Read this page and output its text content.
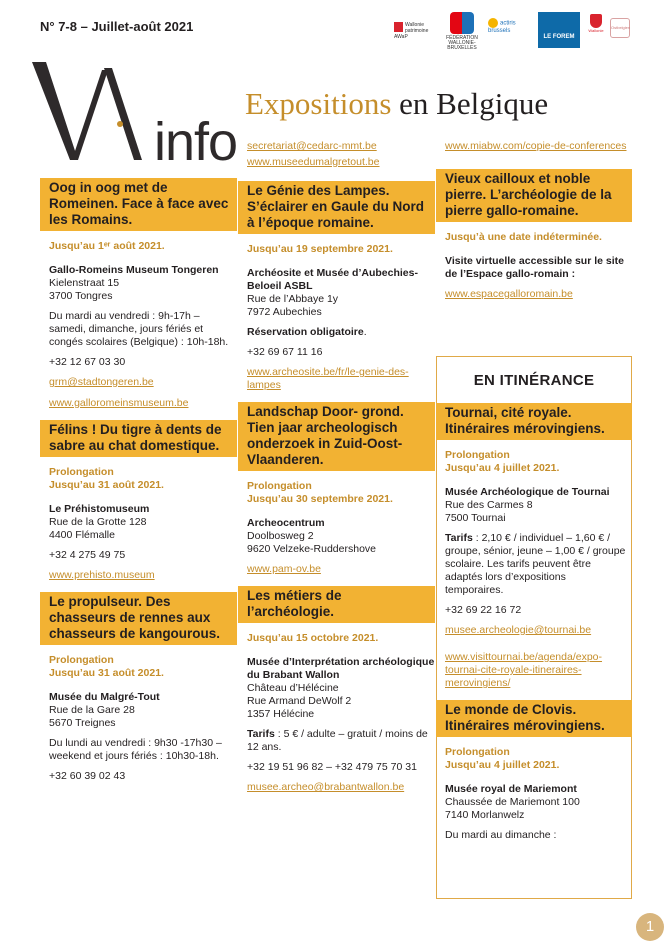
N° 7-8 – Juillet-août 2021	Wallonie patrimoine AWaP	FÉDÉRATION WALLONIE-BRUXELLES
actiris brussels
LE FOREM
Wallonie
Ostbelgien
info
Expositions en Belgique
Oog in oog met de Romeinen. Face à face avec les Romains.
Jusqu’au 1ᵉʳ août 2021.

Gallo-Romeins Museum Tongeren
Kielenstraat 15
3700 Tongres

Du mardi au vendredi : 9h-17h – samedi, dimanche, jours fériés et congés scolaires (Belgique) : 10h-18h.

+32 12 67 03 30

grm@stadtongeren.be
www.galloromeinsmuseum.be
Félins ! Du tigre à dents de sabre au chat domestique.
Prolongation
Jusqu’au 31 août 2021.

Le Préhistomuseum
Rue de la Grotte 128
4400 Flémalle

+32 4 275 49 75

www.prehisto.museum
Le propulseur. Des chasseurs de rennes aux chasseurs de kangourous.
Prolongation
Jusqu’au 31 août 2021.

Musée du Malgré-Tout
Rue de la Gare 28
5670 Treignes

Du lundi au vendredi : 9h30 -17h30 – weekend et jours fériés : 10h30-18h.

+32 60 39 02 43

secretariat@cedarc-mmt.be
www.museedumalgretout.be
Le Génie des Lampes. S’éclairer en Gaule du Nord à l’époque romaine.
Jusqu’au 19 septembre 2021.

Archéosite et Musée d’Aubechies-Beloeil ASBL
Rue de l’Abbaye 1y
7972 Aubechies

Réservation obligatoire.

+32 69 67 11 16

www.archeosite.be/fr/le-genie-des-lampes
Landschap Door- grond. Tien jaar archeologisch onderzoek in Zuid-Oost-Vlaanderen.
Prolongation
Jusqu’au 30 septembre 2021.

Archeocentrum
Doolbosweg 2
9620 Velzeke-Ruddershove

www.pam-ov.be
Les métiers de l’archéologie.
Jusqu’au 15 octobre 2021.

Musée d’Interprétation archéologique du Brabant Wallon
Château d’Hélécine
Rue Armand DeWolf 2
1357 Hélécine

Tarifs : 5 € / adulte – gratuit / moins de 12 ans.

+32 19 51 96 82 – +32 479 75 70 31

musee.archeo@brabantwallon.be
www.miabw.com/copie-de-conferences
Vieux cailloux et noble pierre. L’archéologie de la pierre gallo-romaine.
Jusqu’à une date indéterminée.

Visite virtuelle accessible sur le site de l’Espace gallo-romain :

www.espacegalloromain.be
EN ITINÉRANCE
Tournai, cité royale. Itinéraires mérovingiens.
Prolongation
Jusqu’au 4 juillet 2021.

Musée Archéologique de Tournai
Rue des Carmes 8
7500 Tournai

Tarifs : 2,10 € / individuel – 1,60 € / groupe, sénior, jeune – 1,00 € / groupe scolaire. Les tarifs peuvent être adaptés lors d’expositions temporaires.

+32 69 22 16 72

musee.archeologie@tournai.be
www.visittournai.be/agenda/expo-tournai-cite-royale-itineraires-merovingiens/
Le monde de Clovis. Itinéraires mérovingiens.
Prolongation
Jusqu’au 4 juillet 2021.

Musée royal de Mariemont
Chaussée de Mariemont 100
7140 Morlanwelz

Du mardi au dimanche :

1
